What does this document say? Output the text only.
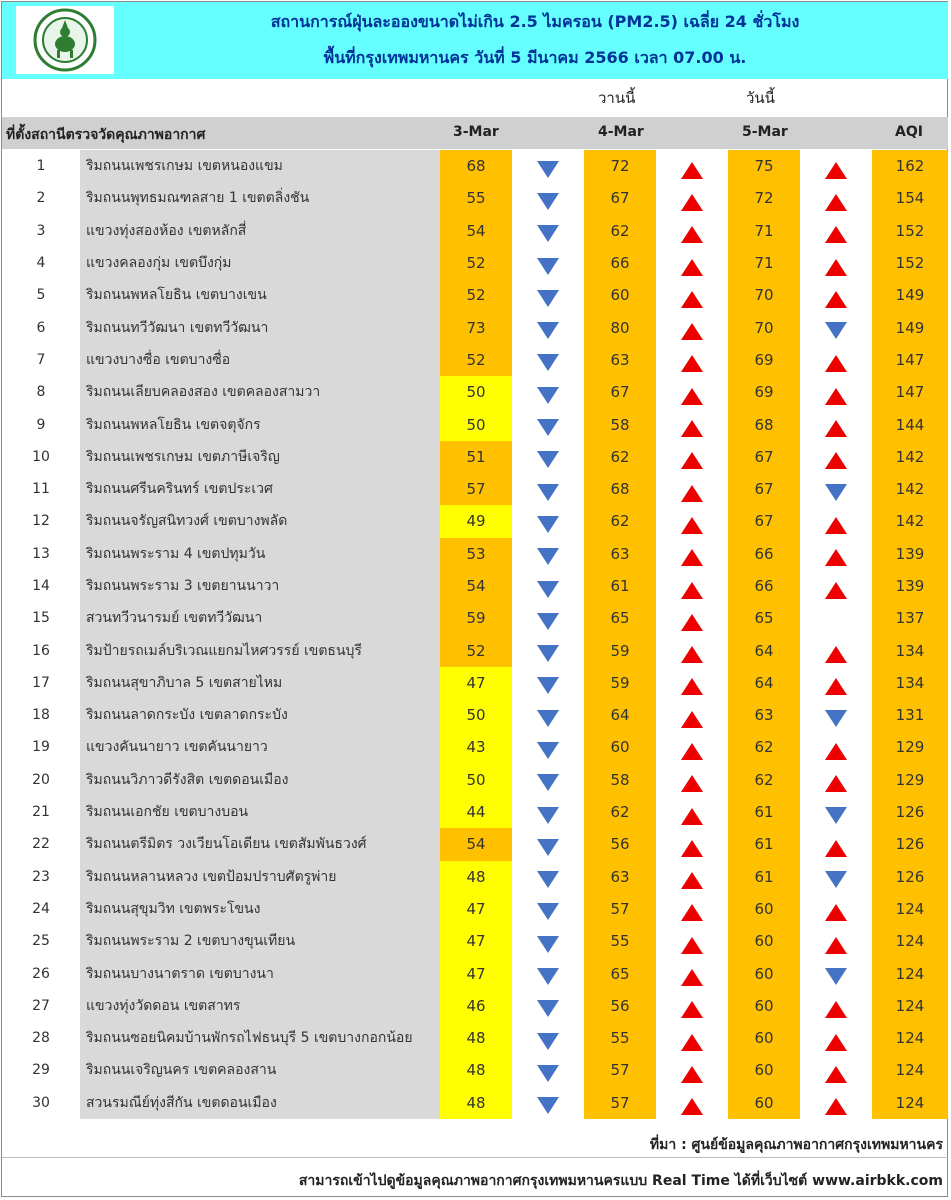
สถานการณ์ฝุ่นละอองขนาดไม่เกิน 2.5 ไมครอน (PM2.5) เฉลี่ย 24 ชั่วโมง
พื้นที่กรุงเทพมหานคร วันที่ 5 มีนาคม 2566 เวลา 07.00 น.
วานนี้	วันนี้
ที่ตั้งสถานีตรวจวัดคุณภาพอากาศ	3-Mar	4-Mar	5-Mar	AQI
1	ริมถนนเพชรเกษม เขตหนองแขม	68	72	75	162
2	ริมถนนพุทธมณฑลสาย 1 เขตตลิ่งชัน	55	67	72	154
3	แขวงทุ่งสองห้อง เขตหลักสี่	54	62	71	152
4	แขวงคลองกุ่ม เขตบึงกุ่ม	52	66	71	152
5	ริมถนนพหลโยธิน เขตบางเขน	52	60	70	149
6	ริมถนนทวีวัฒนา เขตทวีวัฒนา	73	80	70	149
7	แขวงบางซื่อ เขตบางซื่อ	52	63	69	147
8	ริมถนนเลียบคลองสอง เขตคลองสามวา	50	67	69	147
9	ริมถนนพหลโยธิน เขตจตุจักร	50	58	68	144
10	ริมถนนเพชรเกษม เขตภาษีเจริญ	51	62	67	142
11	ริมถนนศรีนครินทร์ เขตประเวศ	57	68	67	142
12	ริมถนนจรัญสนิทวงศ์ เขตบางพลัด	49	62	67	142
13	ริมถนนพระราม 4 เขตปทุมวัน	53	63	66	139
14	ริมถนนพระราม 3 เขตยานนาวา	54	61	66	139
15	สวนทวีวนารมย์ เขตทวีวัฒนา	59	65	65	137
16	ริมป้ายรถเมล์บริเวณแยกมไหศวรรย์ เขตธนบุรี	52	59	64	134
17	ริมถนนสุขาภิบาล 5 เขตสายไหม	47	59	64	134
18	ริมถนนลาดกระบัง เขตลาดกระบัง	50	64	63	131
19	แขวงคันนายาว เขตคันนายาว	43	60	62	129
20	ริมถนนวิภาวดีรังสิต เขตดอนเมือง	50	58	62	129
21	ริมถนนเอกชัย เขตบางบอน	44	62	61	126
22	ริมถนนตรีมิตร วงเวียนโอเดียน เขตสัมพันธวงศ์	54	56	61	126
23	ริมถนนหลานหลวง เขตป้อมปราบศัตรูพ่าย	48	63	61	126
24	ริมถนนสุขุมวิท เขตพระโขนง	47	57	60	124
25	ริมถนนพระราม 2 เขตบางขุนเทียน	47	55	60	124
26	ริมถนนบางนาตราด เขตบางนา	47	65	60	124
27	แขวงทุ่งวัดดอน เขตสาทร	46	56	60	124
28	ริมถนนซอยนิคมบ้านพักรถไฟธนบุรี 5 เขตบางกอกน้อย	48	55	60	124
29	ริมถนนเจริญนคร เขตคลองสาน	48	57	60	124
30	สวนรมณีย์ทุ่งสีกัน เขตดอนเมือง	48	57	60	124
ที่มา : ศูนย์ข้อมูลคุณภาพอากาศกรุงเทพมหานคร
สามารถเข้าไปดูข้อมูลคุณภาพอากาศกรุงเทพมหานครแบบ Real Time ได้ที่เว็บไซต์ www.airbkk.com
